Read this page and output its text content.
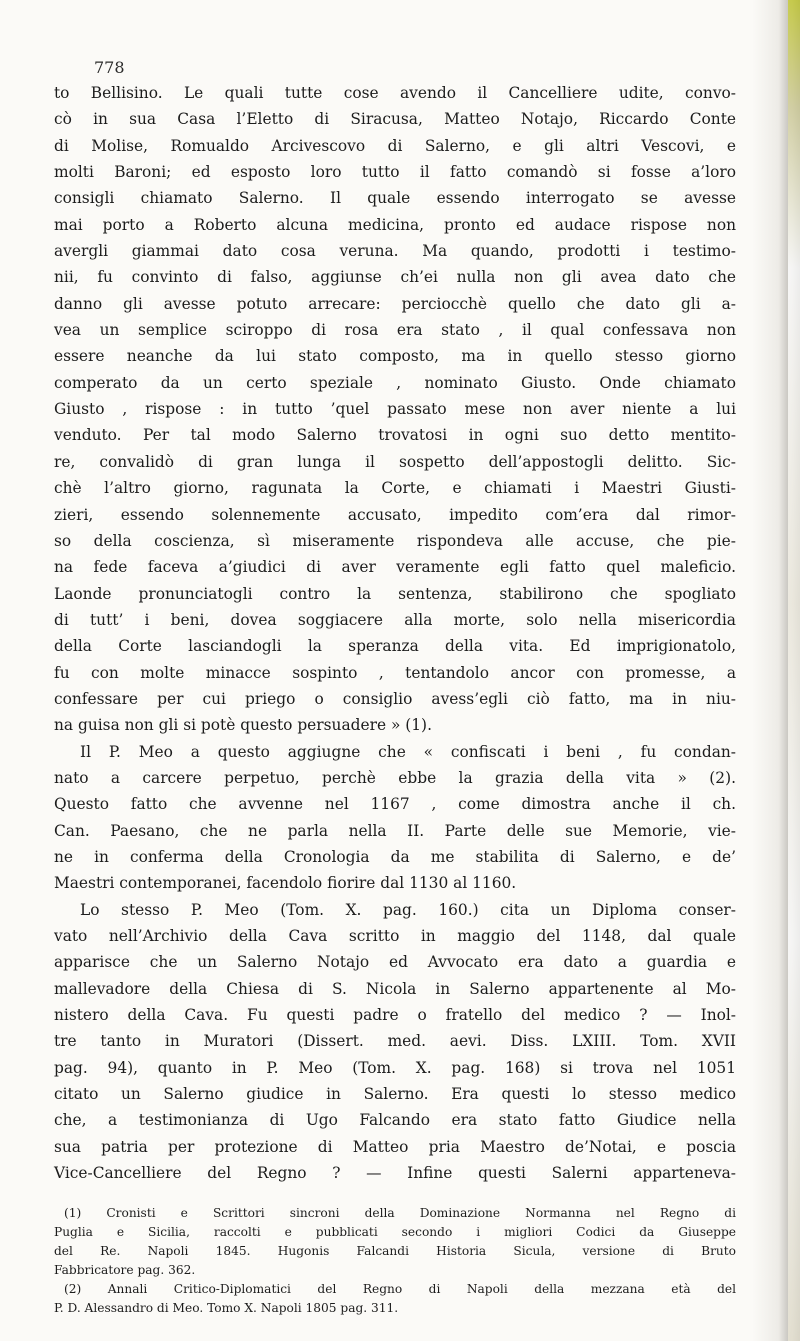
778
to Bellisino. Le quali tutte cose avendo il Cancelliere udite, convo-
cò in sua Casa l’Eletto di Siracusa, Matteo Notajo, Riccardo Conte
di Molise, Romualdo Arcivescovo di Salerno, e gli altri Vescovi, e
molti Baroni; ed esposto loro tutto il fatto comandò si fosse a’loro
consigli chiamato Salerno. Il quale essendo interrogato se avesse
mai porto a Roberto alcuna medicina, pronto ed audace rispose non
avergli giammai dato cosa veruna. Ma quando, prodotti i testimo-
nii, fu convinto di falso, aggiunse ch’ei nulla non gli avea dato che
danno gli avesse potuto arrecare: perciocchè quello che dato gli a-
vea un semplice sciroppo di rosa era stato , il qual confessava non
essere neanche da lui stato composto, ma in quello stesso giorno
comperato da un certo speziale , nominato Giusto. Onde chiamato
Giusto , rispose : in tutto ’quel passato mese non aver niente a lui
venduto. Per tal modo Salerno trovatosi in ogni suo detto mentito-
re, convalidò di gran lunga il sospetto dell’appostogli delitto. Sic-
chè l’altro giorno, ragunata la Corte, e chiamati i Maestri Giusti-
zieri, essendo solennemente accusato, impedito com’era dal rimor-
so della coscienza, sì miseramente rispondeva alle accuse, che pie-
na fede faceva a’giudici di aver veramente egli fatto quel maleficio.
Laonde pronunciatogli contro la sentenza, stabilirono che spogliato
di tutt’ i beni, dovea soggiacere alla morte, solo nella misericordia
della Corte lasciandogli la speranza della vita. Ed imprigionatolo,
fu con molte minacce sospinto , tentandolo ancor con promesse, a
confessare per cui priego o consiglio avess’egli ciò fatto, ma in niu-
na guisa non gli si potè questo persuadere » (1).
Il P. Meo a questo aggiugne che « confiscati i beni , fu condan-
nato a carcere perpetuo, perchè ebbe la grazia della vita » (2).
Questo fatto che avvenne nel 1167 , come dimostra anche il ch.
Can. Paesano, che ne parla nella II. Parte delle sue Memorie, vie-
ne in conferma della Cronologia da me stabilita di Salerno, e de’
Maestri contemporanei, facendolo fiorire dal 1130 al 1160.
Lo stesso P. Meo (Tom. X. pag. 160.) cita un Diploma conser-
vato nell’Archivio della Cava scritto in maggio del 1148, dal quale
apparisce che un Salerno Notajo ed Avvocato era dato a guardia e
mallevadore della Chiesa di S. Nicola in Salerno appartenente al Mo-
nistero della Cava. Fu questi padre o fratello del medico ? — Inol-
tre tanto in Muratori (Dissert. med. aevi. Diss. LXIII. Tom. XVII
pag. 94), quanto in P. Meo (Tom. X. pag. 168) si trova nel 1051
citato un Salerno giudice in Salerno. Era questi lo stesso medico
che, a testimonianza di Ugo Falcando era stato fatto Giudice nella
sua patria per protezione di Matteo pria Maestro de’Notai, e poscia
Vice-Cancelliere del Regno ? — Infine questi Salerni appartenevа-
(1) Cronisti e Scrittori sincroni della Dominazione Normanna nel Regno di
Puglia e Sicilia, raccolti e pubblicati secondo i migliori Codici da Giuseppe
del Re. Napoli 1845. Hugonis Falcandi Historia Sicula, versione di Bruto
Fabbricatore pag. 362.
(2) Annali Critico-Diplomatici del Regno di Napoli della mezzana età del
P. D. Alessandro di Meo. Tomo X. Napoli 1805 pag. 311.
